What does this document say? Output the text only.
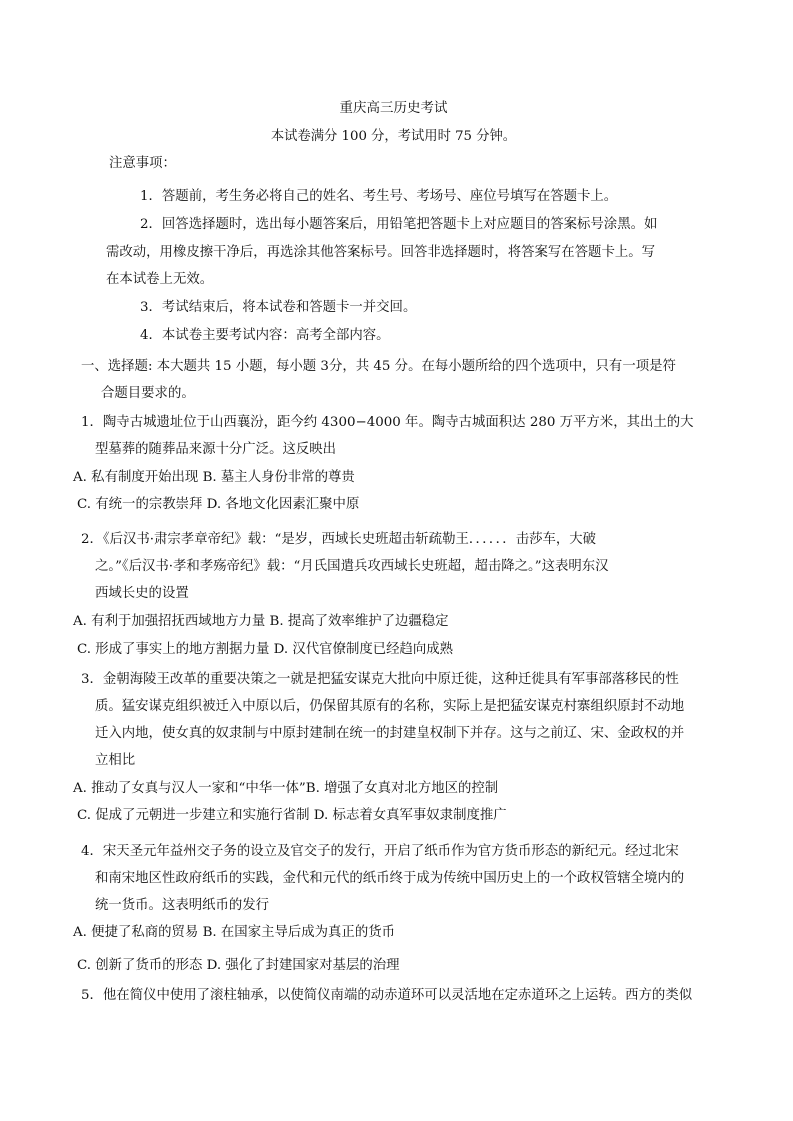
重庆高三历史考试
本试卷满分 100 分，考试用时 75 分钟。
注意事项：
1．答题前，考生务必将自己的姓名、考生号、考场号、座位号填写在答题卡上。
2．回答选择题时，选出每小题答案后，用铅笔把答题卡上对应题目的答案标号涂黑。如
需改动，用橡皮擦干净后，再选涂其他答案标号。回答非选择题时，将答案写在答题卡上。写
在本试卷上无效。
3．考试结束后，将本试卷和答题卡一并交回。
4．本试卷主要考试内容：高考全部内容。
一、选择题: 本大题共 15 小题，每小题 3分，共 45 分。在每小题所给的四个选项中，只有一项是符
合题目要求的。
1．陶寺古城遗址位于山西襄汾，距今约 4300−4000 年。陶寺古城面积达 280 万平方米，其出土的大
型墓葬的随葬品来源十分广泛。这反映出
A. 私有制度开始出现 B. 墓主人身份非常的尊贵
C. 有统一的宗教崇拜 D. 各地文化因素汇聚中原
2．《后汉书·肃宗孝章帝纪》载：“是岁，西域长史班超击斩疏勒王．．．．．．击莎车，大破
之。”《后汉书·孝和孝殇帝纪》载：“月氏国遣兵攻西域长史班超，超击降之。”这表明东汉
西域长史的设置
A. 有利于加强招抚西域地方力量 B. 提高了效率维护了边疆稳定
C. 形成了事实上的地方割据力量 D. 汉代官僚制度已经趋向成熟
3．金朝海陵王改革的重要决策之一就是把猛安谋克大批向中原迁徙，这种迁徙具有军事部落移民的性
质。猛安谋克组织被迁入中原以后，仍保留其原有的名称，实际上是把猛安谋克村寨组织原封不动地
迁入内地，使女真的奴隶制与中原封建制在统一的封建皇权制下并存。这与之前辽、宋、金政权的并
立相比
A. 推动了女真与汉人一家和“中华一体”B. 增强了女真对北方地区的控制
C. 促成了元朝进一步建立和实施行省制 D. 标志着女真军事奴隶制度推广
4．宋天圣元年益州交子务的设立及官交子的发行，开启了纸币作为官方货币形态的新纪元。经过北宋
和南宋地区性政府纸币的实践，金代和元代的纸币终于成为传统中国历史上的一个政权管辖全境内的
统一货币。这表明纸币的发行
A. 便捷了私商的贸易 B. 在国家主导后成为真正的货币
C. 创新了货币的形态 D. 强化了封建国家对基层的治理
5．他在简仪中使用了滚柱轴承，以使简仪南端的动赤道环可以灵活地在定赤道环之上运转。西方的类似
